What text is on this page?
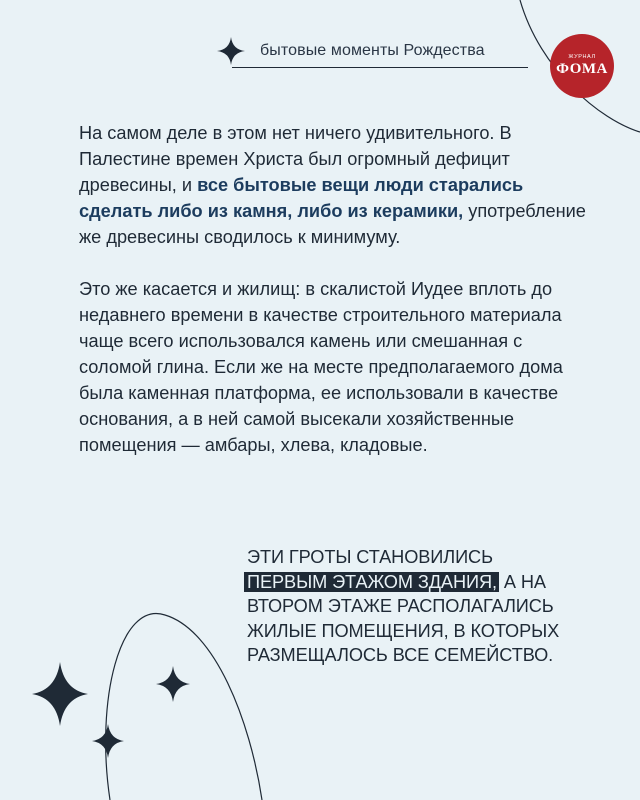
бытовые моменты Рождества	ЖУРНАЛ
ФОМА

На самом деле в этом нет ничего удивительного. В Палестине времен Христа был огромный дефицит древесины, и все бытовые вещи люди старались сделать либо из камня, либо из керамики, употребление же древесины сводилось к минимуму.

Это же касается и жилищ: в скалистой Иудее вплоть до недавнего времени в качестве строительного материала чаще всего использовался камень или смешанная с соломой глина. Если же на месте предполагаемого дома была каменная платформа, ее использовали в качестве основания, а в ней самой высекали хозяйственные помещения — амбары, хлева, кладовые.

ЭТИ ГРОТЫ СТАНОВИЛИСЬ
ПЕРВЫМ ЭТАЖОМ ЗДАНИЯ, А НА ВТОРОМ ЭТАЖЕ РАСПОЛАГАЛИСЬ ЖИЛЫЕ ПОМЕЩЕНИЯ, В КОТОРЫХ РАЗМЕЩАЛОСЬ ВСЕ СЕМЕЙСТВО.
